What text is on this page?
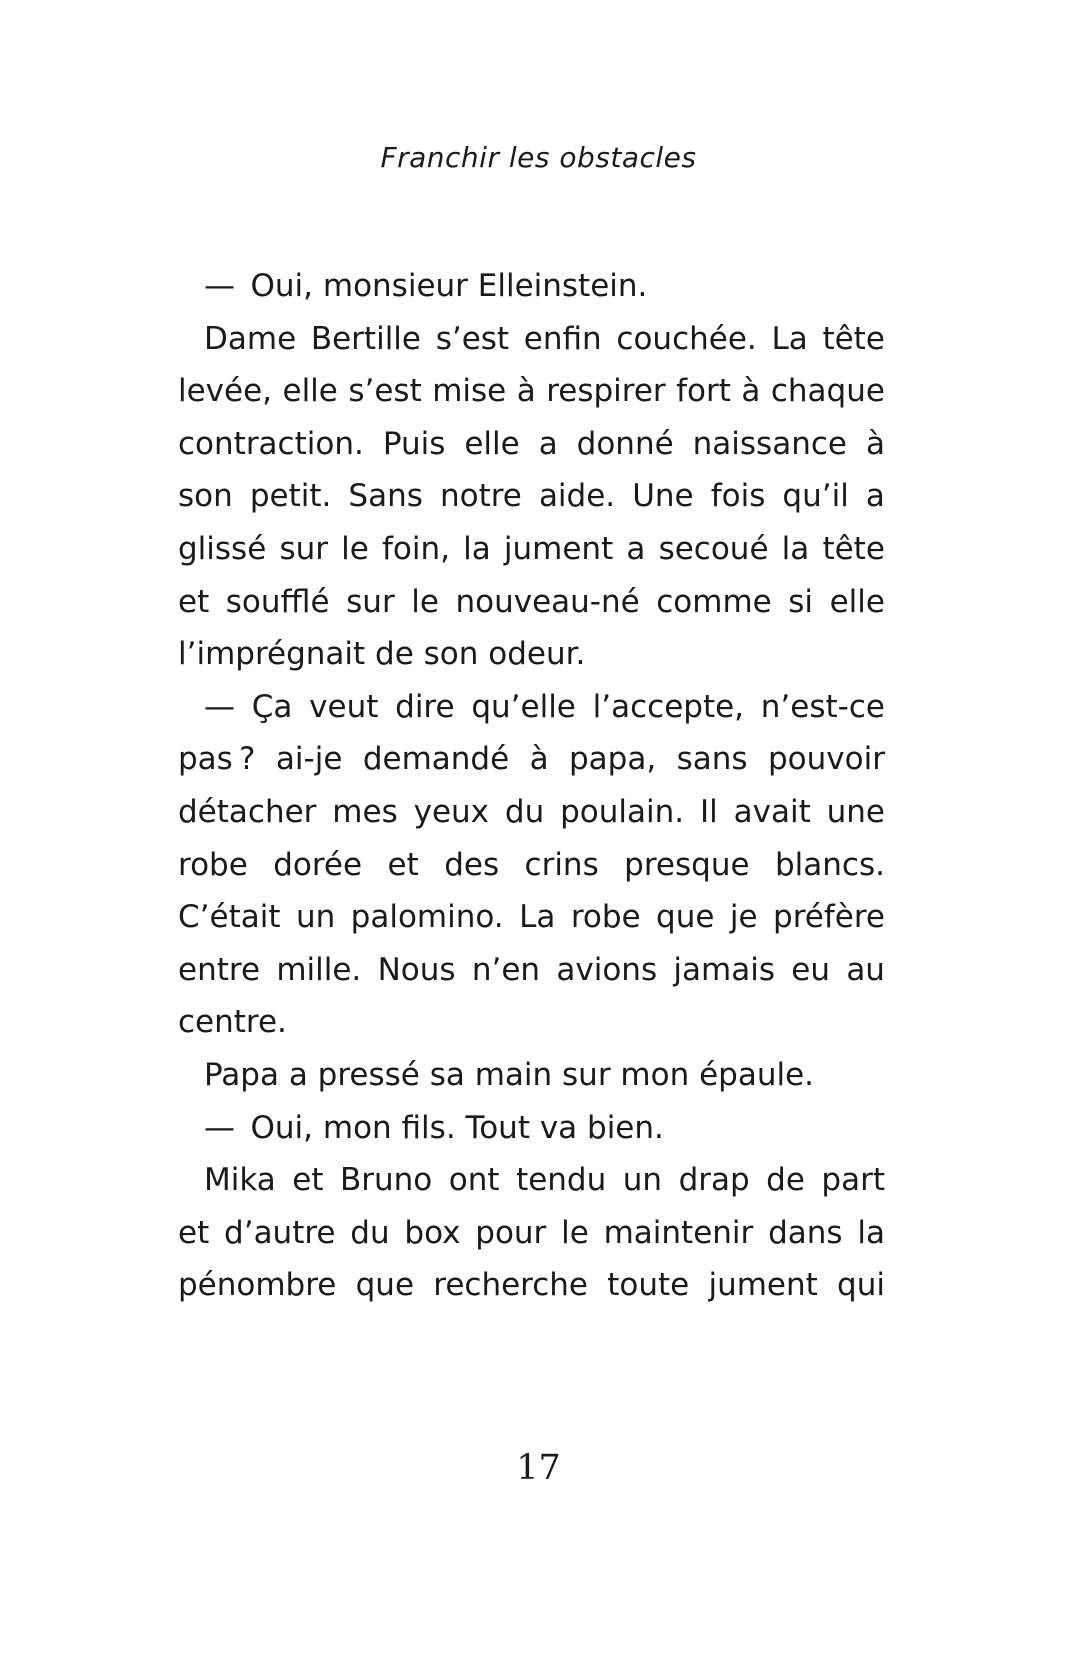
Franchir les obstacles
— Oui, monsieur Elleinstein.
Dame Bertille s’est enfin couchée. La tête
levée, elle s’est mise à respirer fort à chaque
contraction. Puis elle a donné naissance à
son petit. Sans notre aide. Une fois qu’il a
glissé sur le foin, la jument a secoué la tête
et soufflé sur le nouveau-né comme si elle
l’imprégnait de son odeur.
— Ça veut dire qu’elle l’accepte, n’est-ce
pas ? ai-je demandé à papa, sans pouvoir
détacher mes yeux du poulain. Il avait une
robe dorée et des crins presque blancs.
C’était un palomino. La robe que je préfère
entre mille. Nous n’en avions jamais eu au
centre.
Papa a pressé sa main sur mon épaule.
— Oui, mon fils. Tout va bien.
Mika et Bruno ont tendu un drap de part
et d’autre du box pour le maintenir dans la
pénombre que recherche toute jument qui
17
